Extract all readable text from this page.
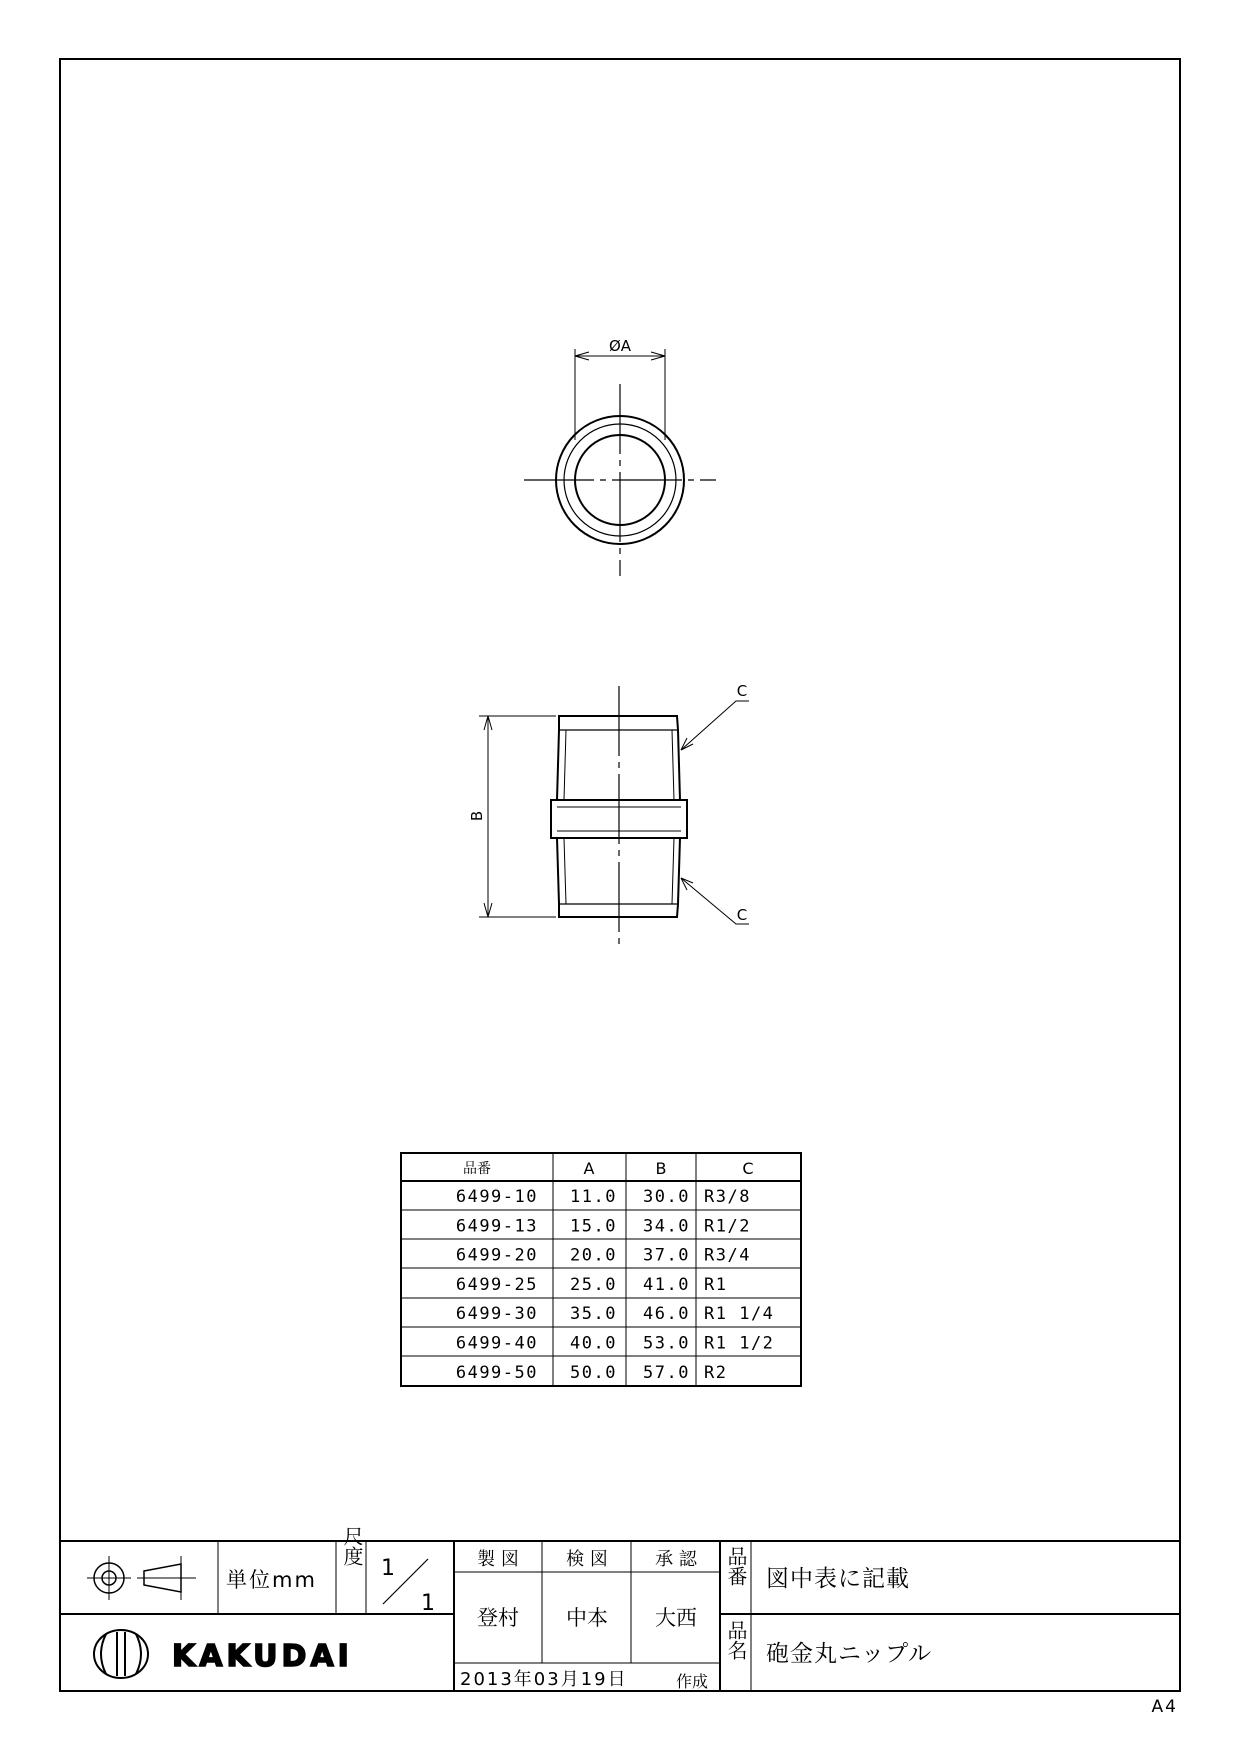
ØA
B
C
C
品番	A	B	C
6499-10 11.0 30.0 R3/8
6499-13 15.0 34.0 R1/2
6499-20 20.0 37.0 R3/4
6499-25 25.0 41.0 R1
6499-30 35.0 46.0 R1 1/4
6499-40 40.0 53.0 R1 1/2
6499-50 50.0 57.0 R2
単位mm
尺度
1
1
製 図	検 図	承 認
登村 中本 大西
2013年03月19日	作成
品番 図中表に記載
品名 砲金丸ニップル
KAKUDAI
A4
